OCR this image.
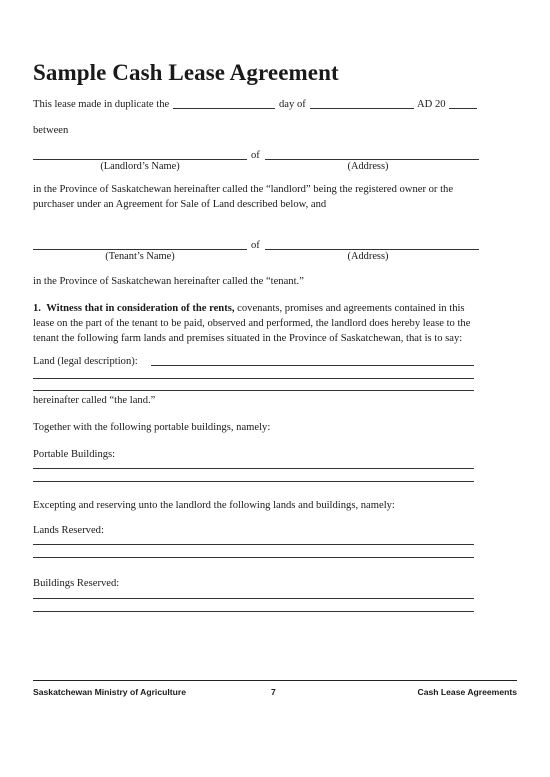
Sample Cash Lease Agreement
This lease made in duplicate the	day of	AD 20
between
of
(Landlord’s Name)	(Address)
in the Province of Saskatchewan hereinafter called the “landlord” being the registered owner or the purchaser under an Agreement for Sale of Land described below, and
of
(Tenant’s Name)	(Address)
in the Province of Saskatchewan hereinafter called the “tenant.”
1. Witness that in consideration of the rents, covenants, promises and agreements contained in this lease on the part of the tenant to be paid, observed and performed, the landlord does hereby lease to the tenant the following farm lands and premises situated in the Province of Saskatchewan, that is to say:
Land (legal description):
hereinafter called “the land.”
Together with the following portable buildings, namely:
Portable Buildings:
Excepting and reserving unto the landlord the following lands and buildings, namely:
Lands Reserved:
Buildings Reserved:
Saskatchewan Ministry of Agriculture	7	Cash Lease Agreements
